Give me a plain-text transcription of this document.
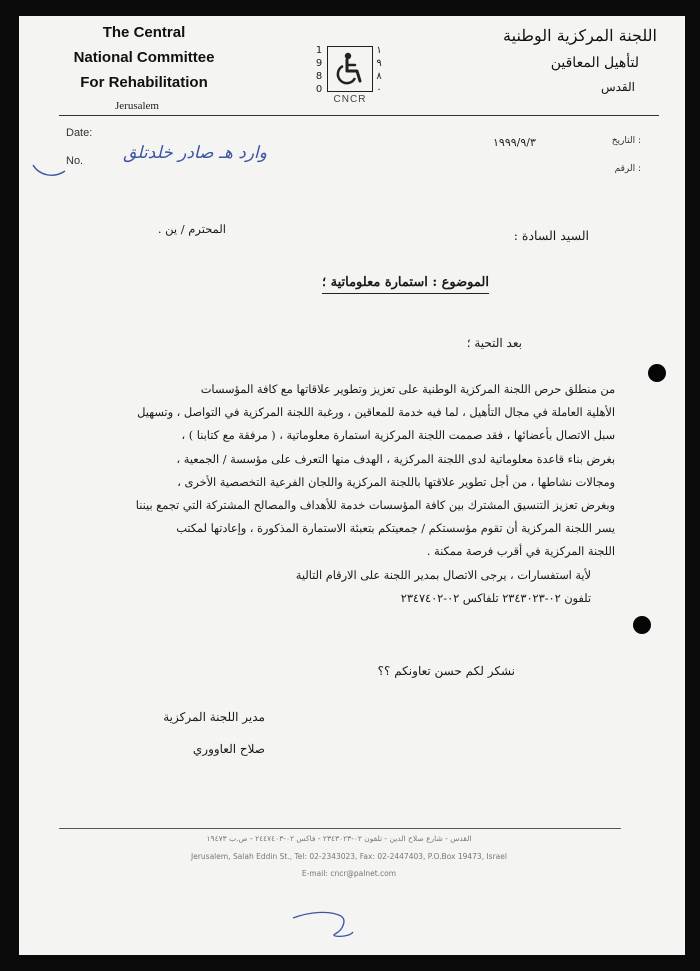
The Central
National Committee
For Rehabilitation
Jerusalem
1
9
8
0
١
٩
٨
٠
CNCR
اللجنة المركزية الوطنية
لتأهيل المعاقين
القدس
Date:
No.	وارد هـ صادر خلدتلق
التاريخ :
الرقم :
١٩٩٩/٩/٣
السيد السادة :
المحترم / ين .
الموضوع : استمارة معلوماتية ؛
بعد التحية ؛

من منطلق حرص اللجنة المركزية الوطنية على تعزيز وتطوير علاقاتها مع كافة المؤسسات

الأهلية العاملة في مجال التأهيل ، لما فيه خدمة للمعاقين ، ورغبة اللجنة المركزية في التواصل ، وتسهيل

سبل الاتصال بأعضائها ، فقد صممت اللجنة المركزية استمارة معلوماتية ، ( مرفقة مع كتابنا ) ،

بغرض بناء قاعدة معلوماتية لدى اللجنة المركزية ، الهدف منها التعرف على مؤسسة / الجمعية ،

ومجالات نشاطها ، من أجل تطوير علاقتها باللجنة المركزية واللجان الفرعية التخصصية الأخرى ،

وبغرض تعزيز التنسيق المشترك بين كافة المؤسسات خدمة للأهداف والمصالح المشتركة التي تجمع بيننا

يسر اللجنة المركزية أن تقوم مؤسستكم / جمعيتكم بتعبئة الاستمارة المذكورة ، وإعادتها لمكتب

اللجنة المركزية في أقرب فرصة ممكنة .

لأية استفسارات ، يرجى الاتصال بمدير اللجنة على الارقام التالية

تلفون ٠٢-٢٣٤٣٠٢٣ تلفاكس ٠٢-٢٣٤٧٤٠٢

نشكر لكم حسن تعاونكم ؟؟
مدير اللجنة المركزية
صلاح العاووري
القدس - شارع صلاح الدين - تلفون ٠٢-٢٣٤٣٠٢٣ - فاكس ٠٢-٢٤٤٧٤٠٣ - ص.ب ١٩٤٧٣
Jerusalem, Salah Eddin St., Tel: 02-2343023, Fax: 02-2447403, P.O.Box 19473, Israel
E-mail: cncr@palnet.com
